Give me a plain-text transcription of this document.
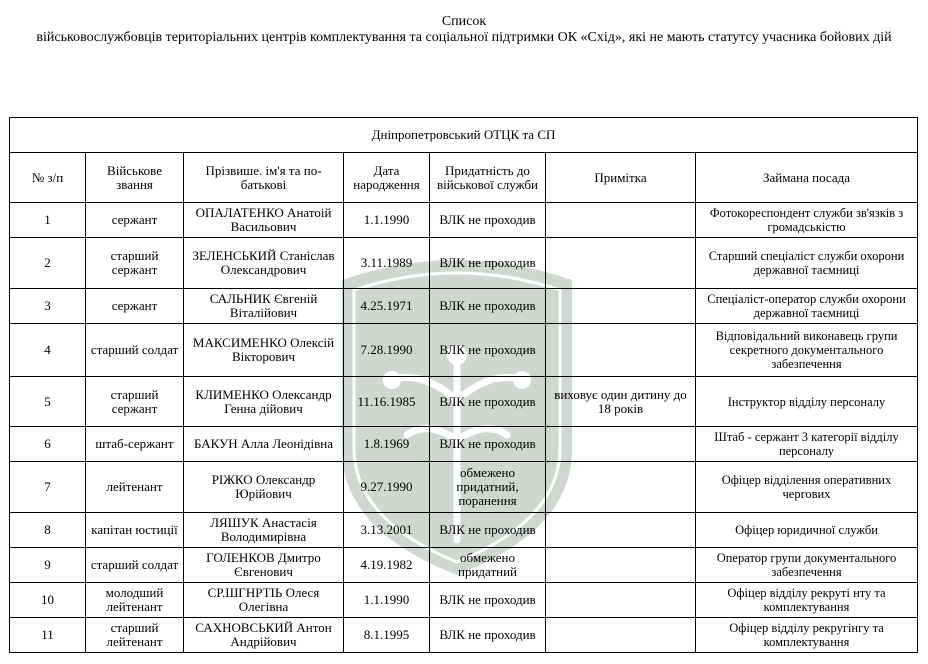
Список
військовослужбовців територіальних центрів комплектування та соціальної підтримки ОК «Схід», які не мають статутсу учасника бойових дій
Дніпропетровський ОТЦК та СП						
№ з/п	Військове звання	Прізвише. ім'я та по-батькові	Дата народження	Придатність до військової служби	Примітка	Займана посада
1	сержант	ОПАЛАТЕНКО Анатоій Васильович	1.1.1990	ВЛК не проходив		Фотокореспондент служби зв'язків з громадськістю
2	старший сержант	ЗЕЛЕНСЬКИЙ Станіслав Олександрович	3.11.1989	ВЛК не проходив		Старший спеціаліст служби охорони державної таємниці
3	сержант	САЛЬНИК Євгеній Віталійович	4.25.1971	ВЛК не проходив		Спеціаліст-оператор служби охорони державної таємниці
4	старший солдат	МАКСИМЕНКО Олексій Вікторович	7.28.1990	ВЛК не проходив		Відповідальний виконавець групи секретного документального забезпечення
5	старший сержант	КЛИМЕНКО Олександр Генна дійович	11.16.1985	ВЛК не проходив	виховує один дитину до 18 років	Інструктор відділу персоналу
6	штаб-сержант	БАКУН Алла Леонідівна	1.8.1969	ВЛК не проходив		Штаб - сержант 3 категорії відділу персоналу
7	лейтенант	РІЖКО Олександр Юрійович	9.27.1990	обмежено придатний, поранення		Офіцер відділення оперативних чергових
8	капітан юстиції	ЛЯШУК Анастасія Володимирівна	3.13.2001	ВЛК не проходив		Офіцер юридичної служби
9	старший солдат	ГОЛЕНКОВ Дмитро Євгенович	4.19.1982	обмежено придатний		Оператор групи документального забезпечення
10	молодший лейтенант	СР.ШГНРТІЬ Олеся Олегівна	1.1.1990	ВЛК не проходив		Офіцер відділу рекруті нту та комплектування
11	старший лейтенант	САХНОВСЬКИЙ Антон Андрійович	8.1.1995	ВЛК не проходив		Офіцер відділу рекругінгу та комплектування
